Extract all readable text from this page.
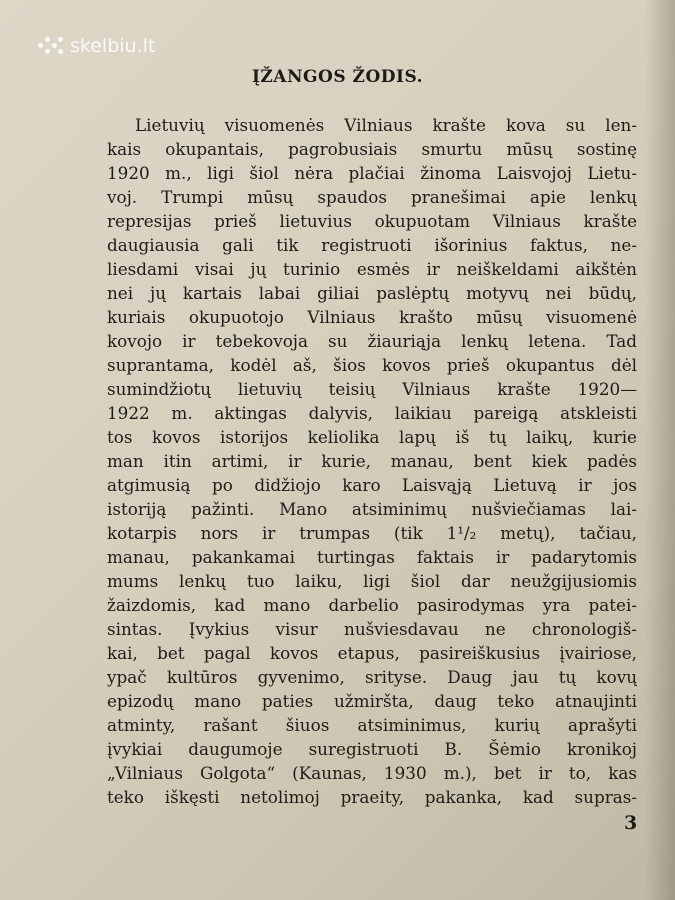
skelbiu.lt
ĮŽANGOS ŽODIS.
Lietuvių visuomenės Vilniaus krašte kova su len-
kais okupantais, pagrobusiais smurtu mūsų sostinę
1920 m., ligi šiol nėra plačiai žinoma Laisvojoj Lietu-
voj. Trumpi mūsų spaudos pranešimai apie lenkų
represijas prieš lietuvius okupuotam Vilniaus krašte
daugiausia gali tik registruoti išorinius faktus, ne-
liesdami visai jų turinio esmės ir neiškeldami aikštėn
nei jų kartais labai giliai paslėptų motyvų nei būdų,
kuriais okupuotojo Vilniaus krašto mūsų visuomenė
kovojo ir tebekovoja su žiauriąja lenkų letena. Tad
suprantama, kodėl aš, šios kovos prieš okupantus dėl
sumindžiotų lietuvių teisių Vilniaus krašte 1920—
1922 m. aktingas dalyvis, laikiau pareigą atskleisti
tos kovos istorijos keliolika lapų iš tų laikų, kurie
man itin artimi, ir kurie, manau, bent kiek padės
atgimusią po didžiojo karo Laisvąją Lietuvą ir jos
istoriją pažinti. Mano atsiminimų nušviečiamas lai-
kotarpis nors ir trumpas (tik 1¹/₂ metų), tačiau,
manau, pakankamai turtingas faktais ir padarytomis
mums lenkų tuo laiku, ligi šiol dar neužgijusiomis
žaizdomis, kad mano darbelio pasirodymas yra patei-
sintas. Įvykius visur nušviesdavau ne chronologiš-
kai, bet pagal kovos etapus, pasireiškusius įvairiose,
ypač kultūros gyvenimo, srityse. Daug jau tų kovų
epizodų mano paties užmiršta, daug teko atnaujinti
atminty, rašant šiuos atsiminimus, kurių aprašyti
įvykiai daugumoje suregistruoti B. Šėmio kronikoj
„Vilniaus Golgota“ (Kaunas, 1930 m.), bet ir to, kas
teko iškęsti netolimoj praeity, pakanka, kad supras-
3
